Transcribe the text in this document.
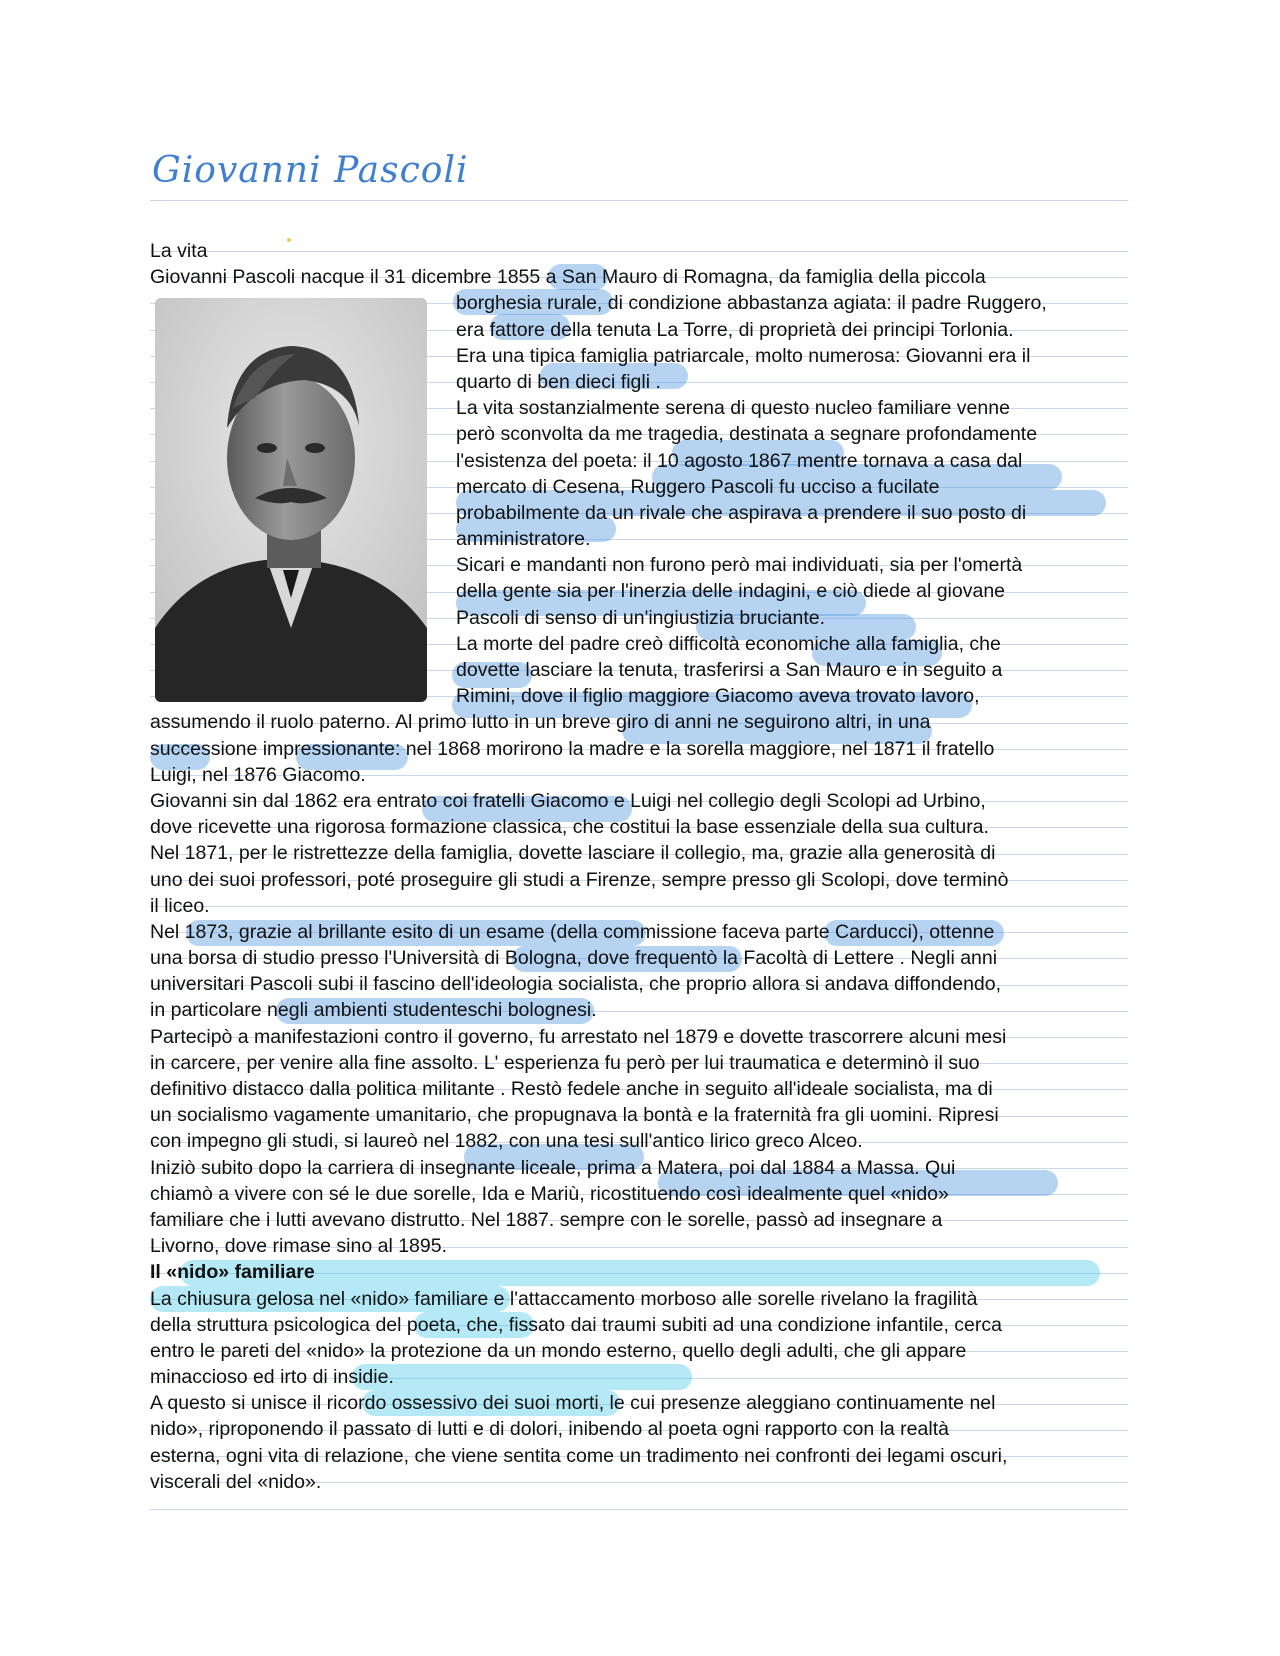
Giovanni Pascoli
La vita
Giovanni Pascoli nacque il 31 dicembre 1855 a San Mauro di Romagna, da famiglia della piccola
borghesia rurale, di condizione abbastanza agiata: il padre Ruggero,
era fattore della tenuta La Torre, di proprietà dei principi Torlonia.
Era una tipica famiglia patriarcale, molto numerosa: Giovanni era il
quarto di ben dieci figli .
La vita sostanzialmente serena di questo nucleo familiare venne
però sconvolta da me tragedia, destinata a segnare profondamente
l'esistenza del poeta: il 10 agosto 1867 mentre tornava a casa dal
mercato di Cesena, Ruggero Pascoli fu ucciso a fucilate
probabilmente da un rivale che aspirava a prendere il suo posto di
amministratore.
Sicari e mandanti non furono però mai individuati, sia per l'omertà
della gente sia per l'inerzia delle indagini, e ciò diede al giovane
Pascoli di senso di un'ingiustizia bruciante.
La morte del padre creò difficoltà economiche alla famiglia, che
dovette lasciare la tenuta, trasferirsi a San Mauro e in seguito a
Rimini, dove il figlio maggiore Giacomo aveva trovato lavoro,
assumendo il ruolo paterno. Al primo lutto in un breve giro di anni ne seguirono altri, in una
successione impressionante: nel 1868 morirono la madre e la sorella maggiore, nel 1871 il fratello
Luigi, nel 1876 Giacomo.
Giovanni sin dal 1862 era entrato coi fratelli Giacomo e Luigi nel collegio degli Scolopi ad Urbino,
dove ricevette una rigorosa formazione classica, che costitui la base essenziale della sua cultura.
Nel 1871, per le ristrettezze della famiglia, dovette lasciare il collegio, ma, grazie alla generosità di
uno dei suoi professori, poté proseguire gli studi a Firenze, sempre presso gli Scolopi, dove terminò
il liceo.
Nel 1873, grazie al brillante esito di un esame (della commissione faceva parte Carducci), ottenne
una borsa di studio presso l'Università di Bologna, dove frequentò la Facoltà di Lettere . Negli anni
universitari Pascoli subi il fascino dell'ideologia socialista, che proprio allora si andava diffondendo,
in particolare negli ambienti studenteschi bolognesi.
Partecipò a manifestazioni contro il governo, fu arrestato nel 1879 e dovette trascorrere alcuni mesi
in carcere, per venire alla fine assolto. L' esperienza fu però per lui traumatica e determinò il suo
definitivo distacco dalla politica militante . Restò fedele anche in seguito all'ideale socialista, ma di
un socialismo vagamente umanitario, che propugnava la bontà e la fraternità fra gli uomini. Ripresi
con impegno gli studi, si laureò nel 1882, con una tesi sull'antico lirico greco Alceo.
Iniziò subito dopo la carriera di insegnante liceale, prima a Matera, poi dal 1884 a Massa. Qui
chiamò a vivere con sé le due sorelle, Ida e Mariù, ricostituendo così idealmente quel «nido»
familiare che i lutti avevano distrutto. Nel 1887. sempre con le sorelle, passò ad insegnare a
Livorno, dove rimase sino al 1895.
Il «nido» familiare
La chiusura gelosa nel «nido» familiare e l'attaccamento morboso alle sorelle rivelano la fragilità
della struttura psicologica del poeta, che, fissato dai traumi subiti ad una condizione infantile, cerca
entro le pareti del «nido» la protezione da un mondo esterno, quello degli adulti, che gli appare
minaccioso ed irto di insidie.
A questo si unisce il ricordo ossessivo dei suoi morti, le cui presenze aleggiano continuamente nel
nido», riproponendo il passato di lutti e di dolori, inibendo al poeta ogni rapporto con la realtà
esterna, ogni vita di relazione, che viene sentita come un tradimento nei confronti dei legami oscuri,
viscerali del «nido».
